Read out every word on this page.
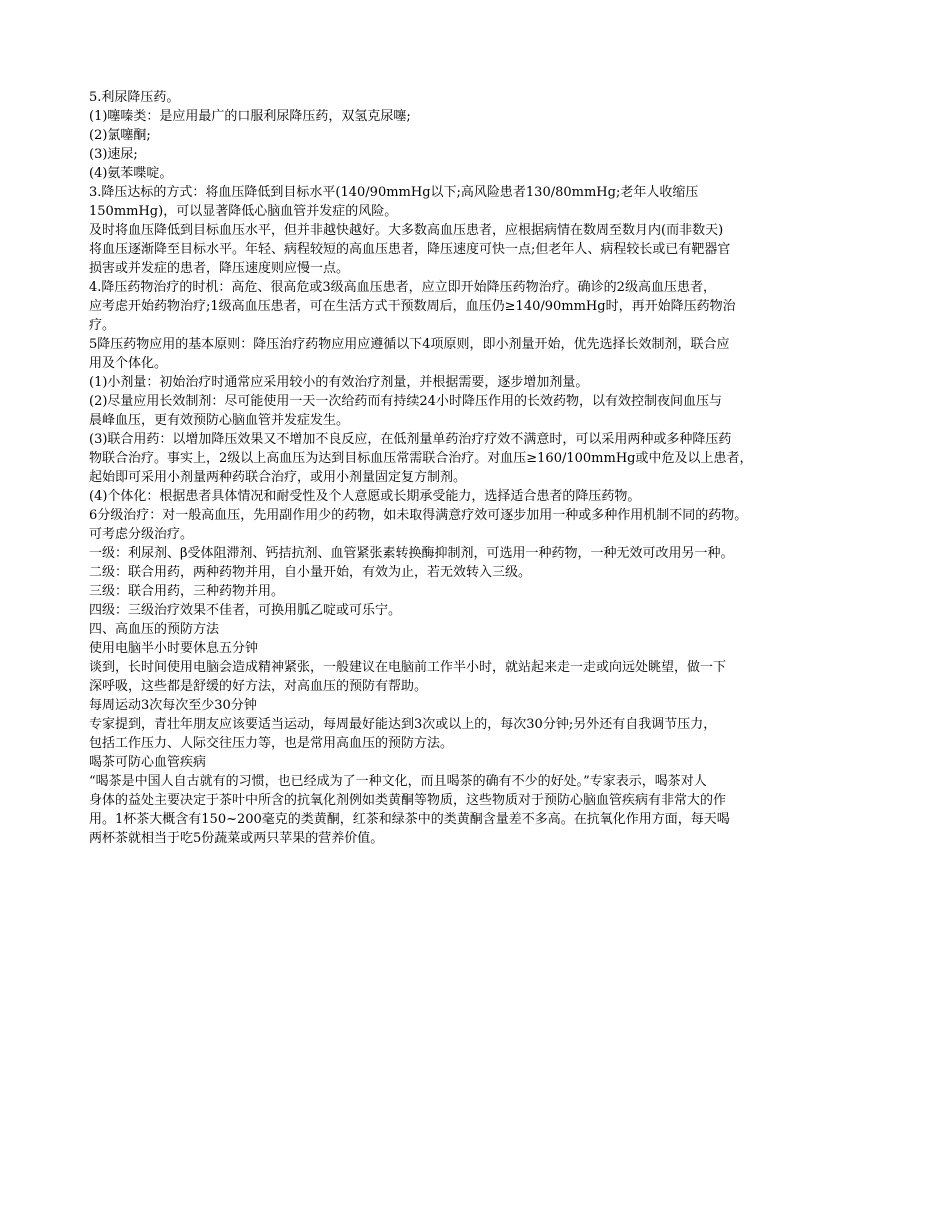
5.利尿降压药。

(1)噻嗪类：是应用最广的口服利尿降压药，双氢克尿噻;

(2)氯噻酮;

(3)速尿;

(4)氨苯喋啶。

3.降压达标的方式：将血压降低到目标水平(140/90mmHg以下;高风险患者130/80mmHg;老年人收缩压

150mmHg)，可以显著降低心脑血管并发症的风险。

及时将血压降低到目标血压水平，但并非越快越好。大多数高血压患者，应根据病情在数周至数月内(而非数天)

将血压逐渐降至目标水平。年轻、病程较短的高血压患者，降压速度可快一点;但老年人、病程较长或已有靶器官

损害或并发症的患者，降压速度则应慢一点。

4.降压药物治疗的时机：高危、很高危或3级高血压患者，应立即开始降压药物治疗。确诊的2级高血压患者，

应考虑开始药物治疗;1级高血压患者，可在生活方式干预数周后，血压仍≥140/90mmHg时，再开始降压药物治

疗。

5降压药物应用的基本原则：降压治疗药物应用应遵循以下4项原则，即小剂量开始，优先选择长效制剂，联合应

用及个体化。

(1)小剂量：初始治疗时通常应采用较小的有效治疗剂量，并根据需要，逐步增加剂量。

(2)尽量应用长效制剂：尽可能使用一天一次给药而有持续24小时降压作用的长效药物，以有效控制夜间血压与

晨峰血压，更有效预防心脑血管并发症发生。

(3)联合用药：以增加降压效果又不增加不良反应，在低剂量单药治疗疗效不满意时，可以采用两种或多种降压药

物联合治疗。事实上，2级以上高血压为达到目标血压常需联合治疗。对血压≥160/100mmHg或中危及以上患者，

起始即可采用小剂量两种药联合治疗，或用小剂量固定复方制剂。

(4)个体化：根据患者具体情况和耐受性及个人意愿或长期承受能力，选择适合患者的降压药物。

6分级治疗：对一般高血压，先用副作用少的药物，如未取得满意疗效可逐步加用一种或多种作用机制不同的药物。

可考虑分级治疗。

一级：利尿剂、β受体阻滞剂、钙拮抗剂、血管紧张素转换酶抑制剂，可选用一种药物，一种无效可改用另一种。

二级：联合用药，两种药物并用，自小量开始，有效为止，若无效转入三级。

三级：联合用药，三种药物并用。

四级：三级治疗效果不佳者，可换用胍乙啶或可乐宁。

四、高血压的预防方法

使用电脑半小时要休息五分钟

谈到，长时间使用电脑会造成精神紧张，一般建议在电脑前工作半小时，就站起来走一走或向远处眺望，做一下

深呼吸，这些都是舒缓的好方法，对高血压的预防有帮助。

每周运动3次每次至少30分钟

专家提到，青壮年朋友应该要适当运动，每周最好能达到3次或以上的，每次30分钟;另外还有自我调节压力，

包括工作压力、人际交往压力等，也是常用高血压的预防方法。

喝茶可防心血管疾病

“喝茶是中国人自古就有的习惯，也已经成为了一种文化，而且喝茶的确有不少的好处。”专家表示，喝茶对人

身体的益处主要决定于茶叶中所含的抗氧化剂例如类黄酮等物质，这些物质对于预防心脑血管疾病有非常大的作

用。1杯茶大概含有150~200毫克的类黄酮，红茶和绿茶中的类黄酮含量差不多高。在抗氧化作用方面，每天喝

两杯茶就相当于吃5份蔬菜或两只苹果的营养价值。
